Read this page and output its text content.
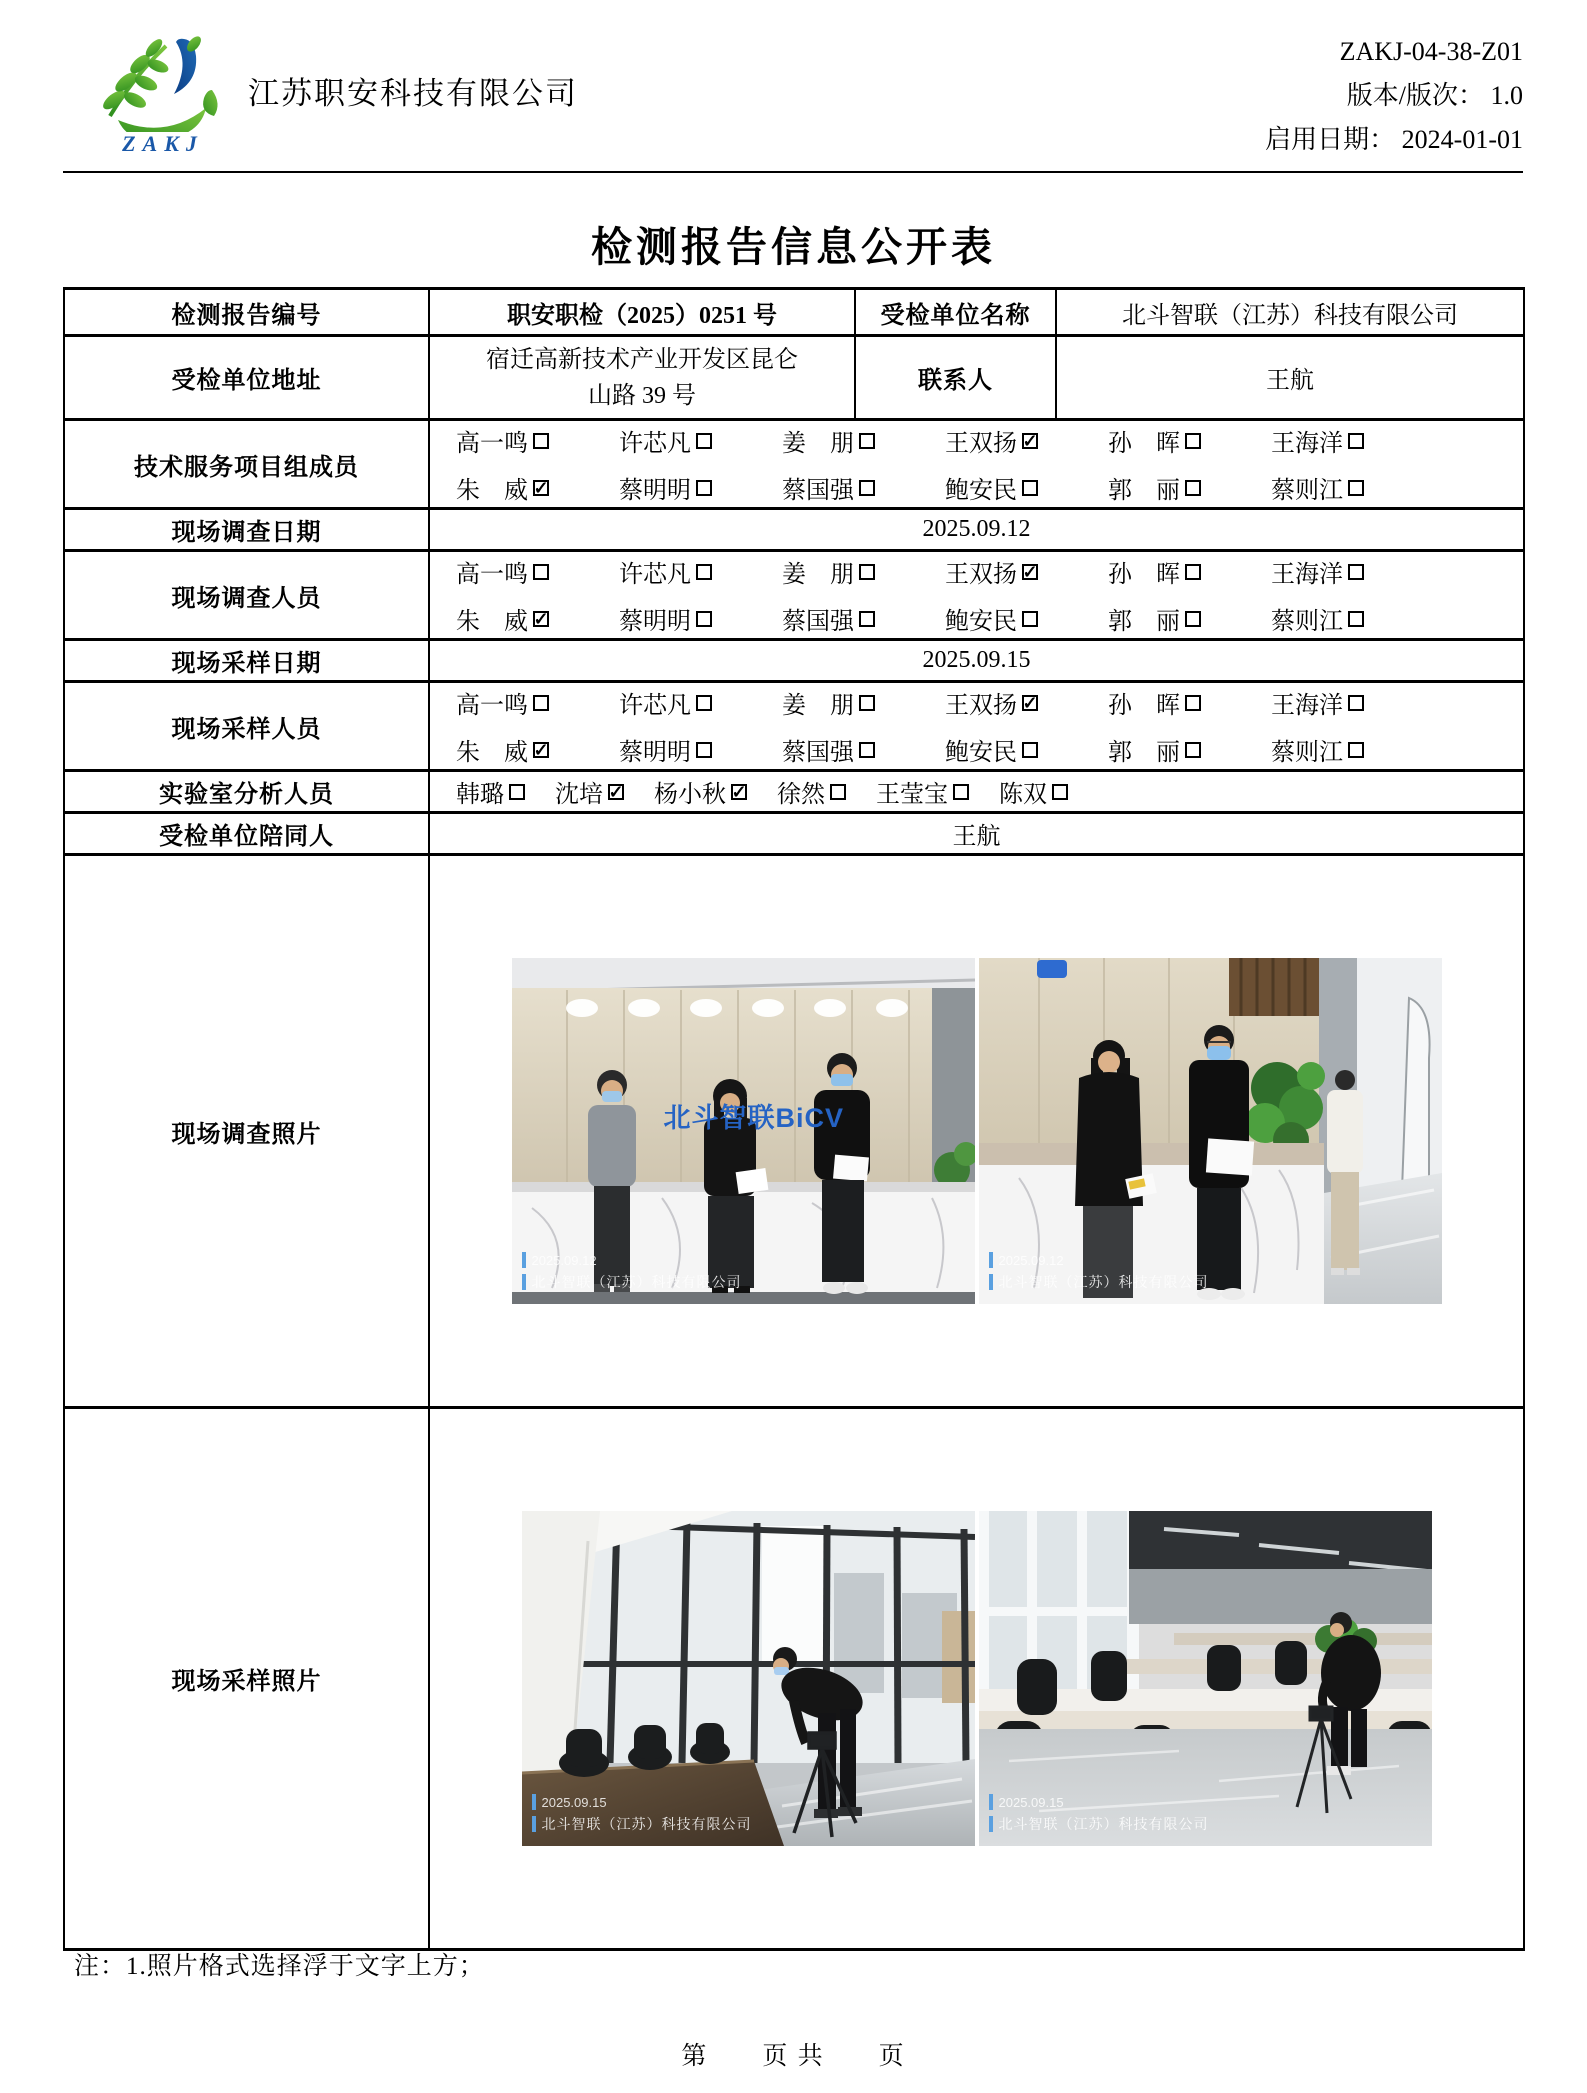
ZAKJ
江苏职安科技有限公司
ZAKJ-04-38-Z01
版本/版次： 1.0
启用日期： 2024-01-01
检测报告信息公开表
检测报告编号	职安职检（2025）0251 号	受检单位名称	北斗智联（江苏）科技有限公司
受检单位地址	宿迁高新技术产业开发区昆仑山路 39 号	联系人	王航
技术服务项目组成员	
高一鸣	许芯凡	姜　朋	王双扬 ✓	孙　晖	王海洋
朱　威 ✓	蔡明明	蔡国强	鲍安民	郭　丽	蔡则江

现场调查日期	2025.09.12		
现场调查人员	
高一鸣	许芯凡	姜　朋	王双扬 ✓	孙　晖	王海洋
朱　威 ✓	蔡明明	蔡国强	鲍安民	郭　丽	蔡则江

现场采样日期	2025.09.15		
现场采样人员	
高一鸣	许芯凡	姜　朋	王双扬 ✓	孙　晖	王海洋
朱　威 ✓	蔡明明	蔡国强	鲍安民	郭　丽	蔡则江

实验室分析人员	韩璐 沈培 ✓ 杨小秋 ✓ 徐然 王莹宝 陈双

受检单位陪同人	王航		
现场调查照片	北斗智联BiCV
2025.09.12
北斗智联（江苏）科技有限公司
2025.09.12
北斗智联（江苏）科技有限公司		

现场采样照片	2025.09.15
北斗智联（江苏）科技有限公司
2025.09.15
北斗智联（江苏）科技有限公司		
注：1.照片格式选择浮于文字上方；
第　　页 共　　页
